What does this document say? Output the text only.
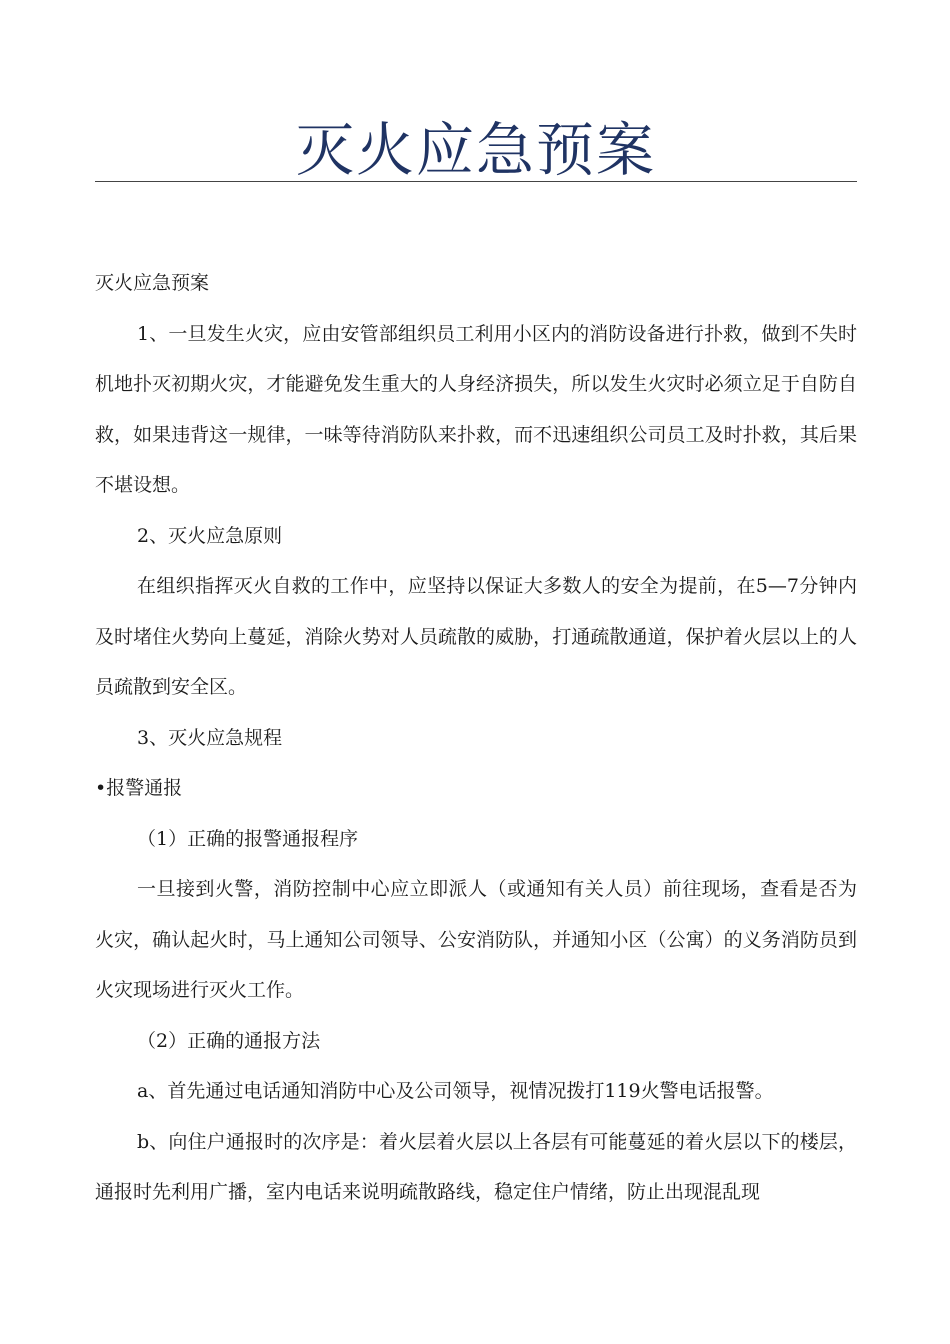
灭火应急预案

灭火应急预案

1、一旦发生火灾，应由安管部组织员工利用小区内的消防设备进行扑救，做到不失时机地扑灭初期火灾，才能避免发生重大的人身经济损失，所以发生火灾时必须立足于自防自救，如果违背这一规律，一味等待消防队来扑救，而不迅速组织公司员工及时扑救，其后果不堪设想。

2、灭火应急原则

在组织指挥灭火自救的工作中，应坚持以保证大多数人的安全为提前，在5—7分钟内及时堵住火势向上蔓延，消除火势对人员疏散的威胁，打通疏散通道，保护着火层以上的人员疏散到安全区。

3、灭火应急规程

•报警通报

（1）正确的报警通报程序

一旦接到火警，消防控制中心应立即派人（或通知有关人员）前往现场，查看是否为火灾，确认起火时，马上通知公司领导、公安消防队，并通知小区（公寓）的义务消防员到火灾现场进行灭火工作。

（2）正确的通报方法

a、首先通过电话通知消防中心及公司领导，视情况拨打119火警电话报警。

b、向住户通报时的次序是：着火层着火层以上各层有可能蔓延的着火层以下的楼层，通报时先利用广播，室内电话来说明疏散路线，稳定住户情绪，防止出现混乱现
